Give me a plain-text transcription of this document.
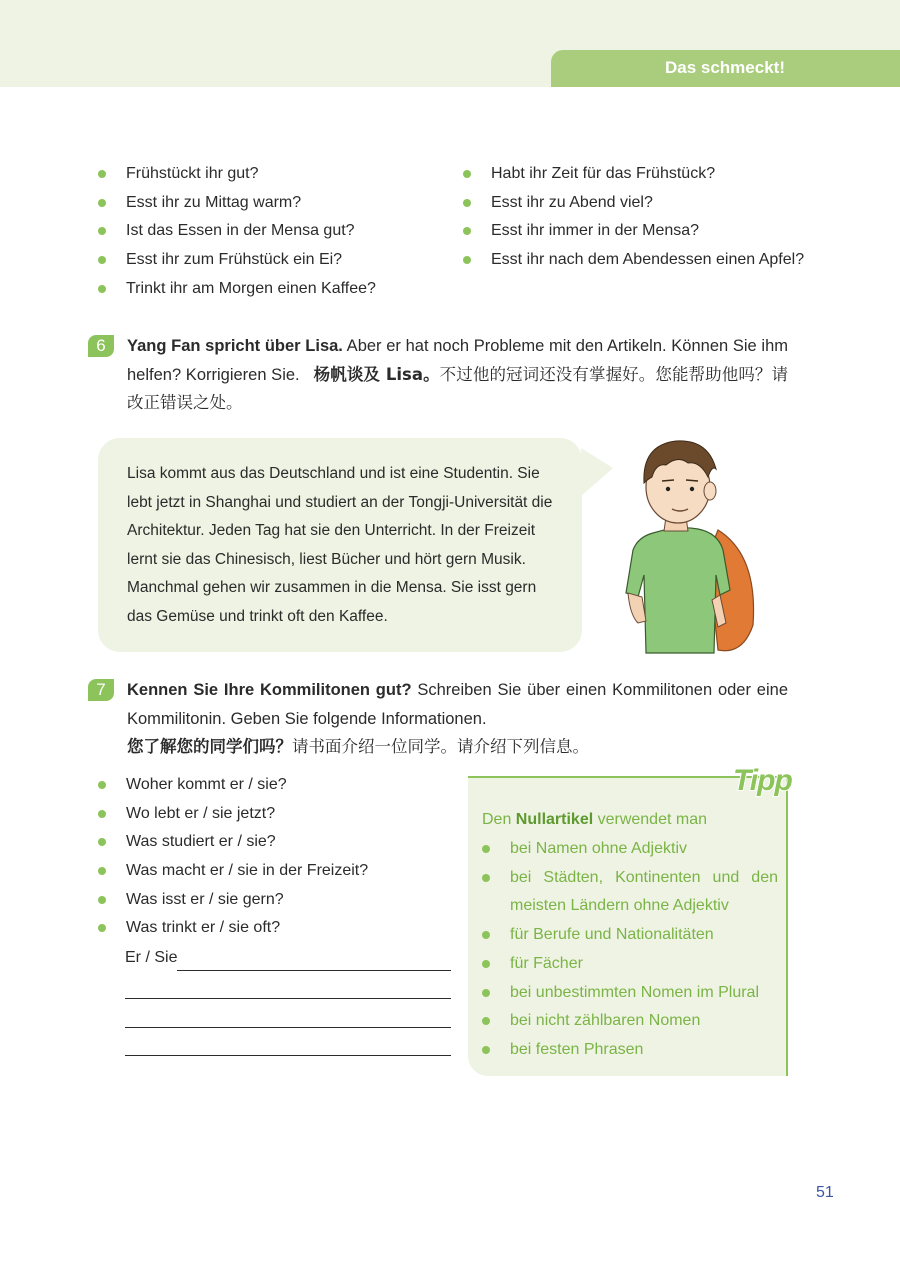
Das schmeckt!
Frühstückt ihr gut?
Esst ihr zu Mittag warm?
Ist das Essen in der Mensa gut?
Esst ihr zum Frühstück ein Ei?
Trinkt ihr am Morgen einen Kaffee?
Habt ihr Zeit für das Frühstück?
Esst ihr zu Abend viel?
Esst ihr immer in der Mensa?
Esst ihr nach dem Abendessen einen Apfel?
6	Yang Fan spricht über Lisa. Aber er hat noch Probleme mit den Artikeln. Können Sie ihm helfen? Korrigieren Sie. 杨帆谈及 Lisa。不过他的冠词还没有掌握好。您能帮助他吗？请改正错误之处。
Lisa kommt aus das Deutschland und ist eine Studentin. Sie lebt jetzt in Shanghai und studiert an der Tongji-Universität die Architektur. Jeden Tag hat sie den Unterricht. In der Freizeit lernt sie das Chinesisch, liest Bücher und hört gern Musik. Manchmal gehen wir zusammen in die Mensa. Sie isst gern das Gemüse und trinkt oft den Kaffee.
7	Kennen Sie Ihre Kommilitonen gut? Schreiben Sie über einen Kommilitonen oder eine Kommilitonin. Geben Sie folgende Informationen.
您了解您的同学们吗？请书面介绍一位同学。请介绍下列信息。
Woher kommt er / sie?
Wo lebt er / sie jetzt?
Was studiert er / sie?
Was macht er / sie in der Freizeit?
Was isst er / sie gern?
Was trinkt er / sie oft?
Er / Sie
Tipp
Den Nullartikel verwendet man
bei Namen ohne Adjektiv
bei Städten, Kontinenten und den meisten Ländern ohne Adjektiv
für Berufe und Nationalitäten
für Fächer
bei unbestimmten Nomen im Plural
bei nicht zählbaren Nomen
bei festen Phrasen
51
